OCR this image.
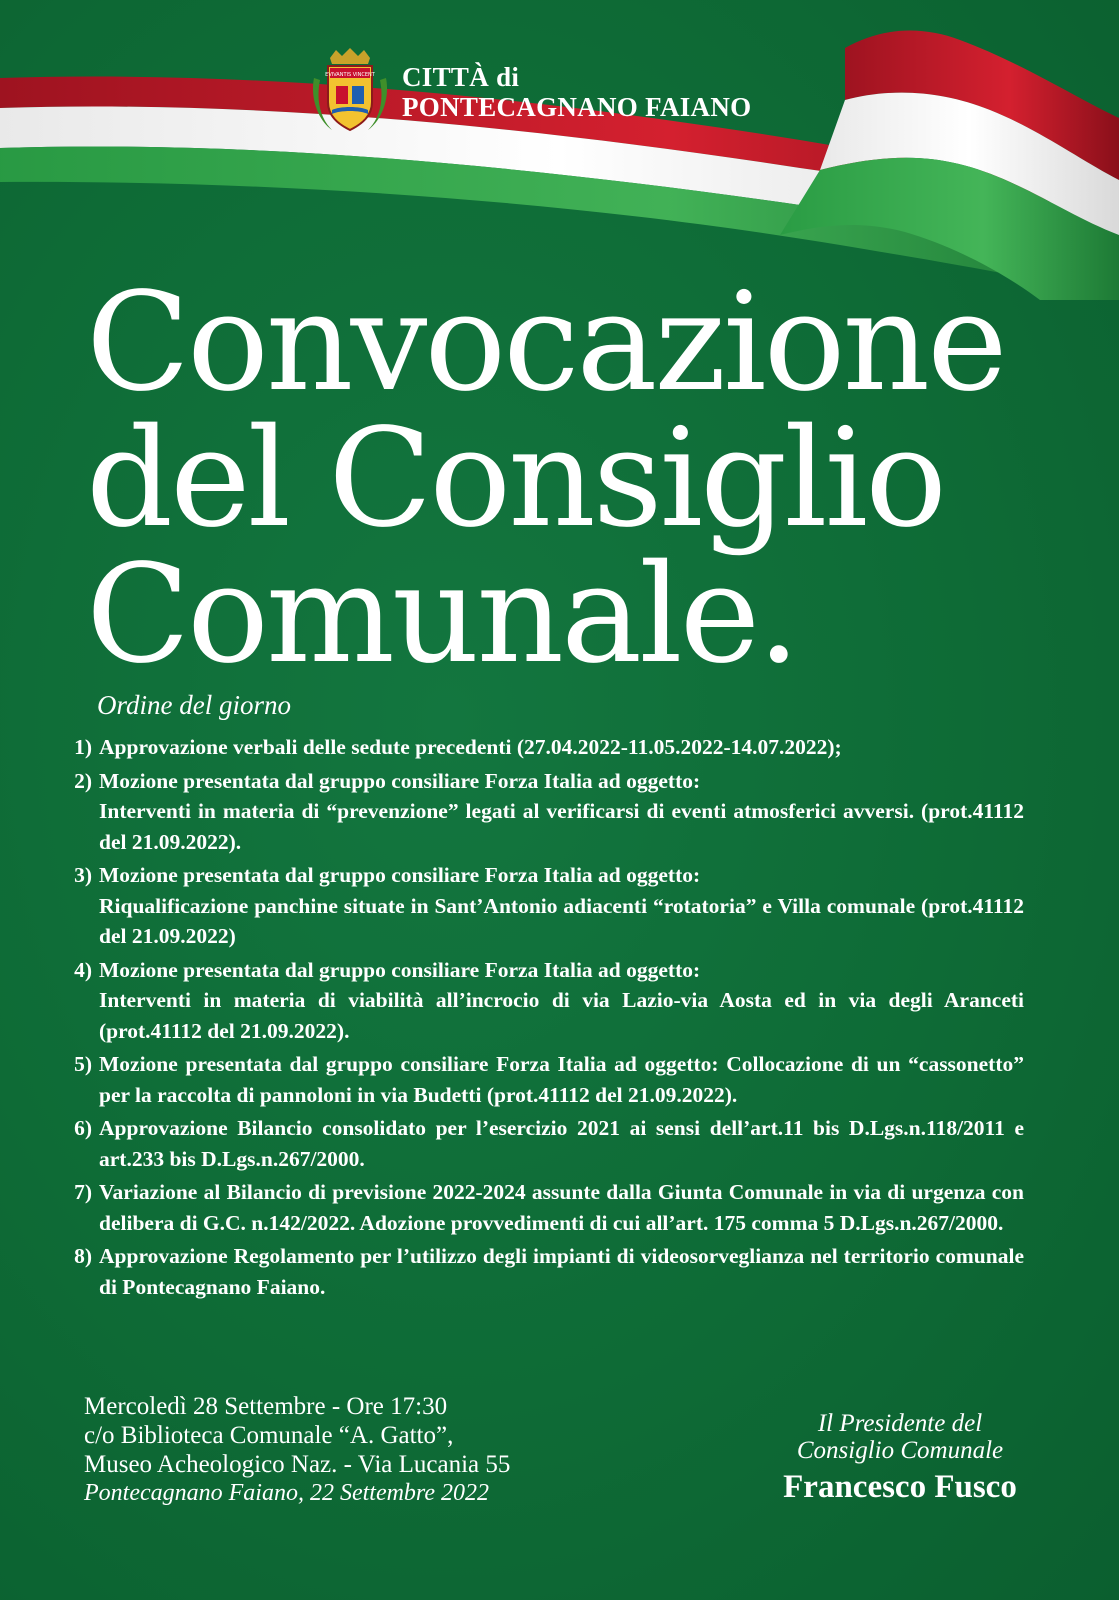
EVIVANTIS VINCENT CITTÀ di
PONTECAGNANO FAIANO
Convocazione
del Consiglio
Comunale.
Ordine del giorno
1) Approvazione verbali delle sedute precedenti (27.04.2022-11.05.2022-14.07.2022);
2) Mozione presentata dal gruppo consiliare Forza Italia ad oggetto:
Interventi in materia di “prevenzione” legati al verificarsi di eventi atmosferici avversi. (prot.41112 del 21.09.2022).
3) Mozione presentata dal gruppo consiliare Forza Italia ad oggetto:
Riqualificazione panchine situate in Sant’Antonio adiacenti “rotatoria” e Villa comunale (prot.41112 del 21.09.2022)
4) Mozione presentata dal gruppo consiliare Forza Italia ad oggetto:
Interventi in materia di viabilità all’incrocio di via Lazio-via Aosta ed in via degli Aranceti (prot.41112 del 21.09.2022).
5) Mozione presentata dal gruppo consiliare Forza Italia ad oggetto: Collocazione di un “cassonetto” per la raccolta di pannoloni in via Budetti (prot.41112 del 21.09.2022).
6) Approvazione Bilancio consolidato per l’esercizio 2021 ai sensi dell’art.11 bis D.Lgs.n.118/2011 e art.233 bis D.Lgs.n.267/2000.
7) Variazione al Bilancio di previsione 2022-2024 assunte dalla Giunta Comunale in via di urgenza con delibera di G.C. n.142/2022. Adozione provvedimenti di cui all’art. 175 comma 5 D.Lgs.n.267/2000.
8) Approvazione Regolamento per l’utilizzo degli impianti di videosorveglianza nel territorio comunale di Pontecagnano Faiano.
Mercoledì 28 Settembre - Ore 17:30
c/o Biblioteca Comunale “A. Gatto”,
Museo Acheologico Naz. - Via Lucania 55
Pontecagnano Faiano, 22 Settembre 2022
Il Presidente del
Consiglio Comunale
Francesco Fusco
